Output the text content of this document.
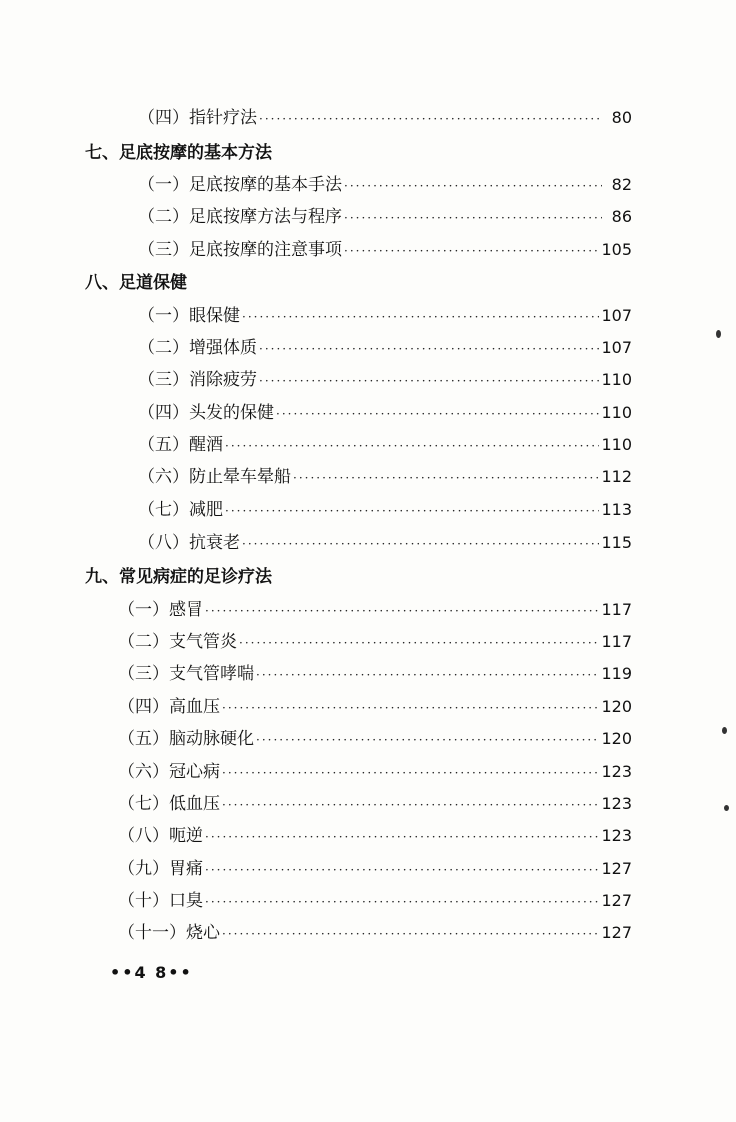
（四）指针疗法 ·····	80
七、足底按摩的基本方法
（一）足底按摩的基本手法 ·····	82
（二）足底按摩方法与程序 ·····	86
（三）足底按摩的注意事项 ·····	105
八、足道保健
（一）眼保健 ·····	107
（二）增强体质 ·····	107
（三）消除疲劳 ·····	110
（四）头发的保健 ·····	110
（五）醒酒 ·····	110
（六）防止晕车晕船 ·····	112
（七）减肥 ·····	113
（八）抗衰老 ·····	115
九、常见病症的足诊疗法
（一）感冒 ·····	117
（二）支气管炎 ·····	117
（三）支气管哮喘 ·····	119
（四）高血压 ·····	120
（五）脑动脉硬化 ·····	120
（六）冠心病 ·····	123
（七）低血压 ·····	123
（八）呃逆 ·····	123
（九）胃痛 ·····	127
（十）口臭 ·····	127
（十一）烧心 ·····	127
••4 8••
